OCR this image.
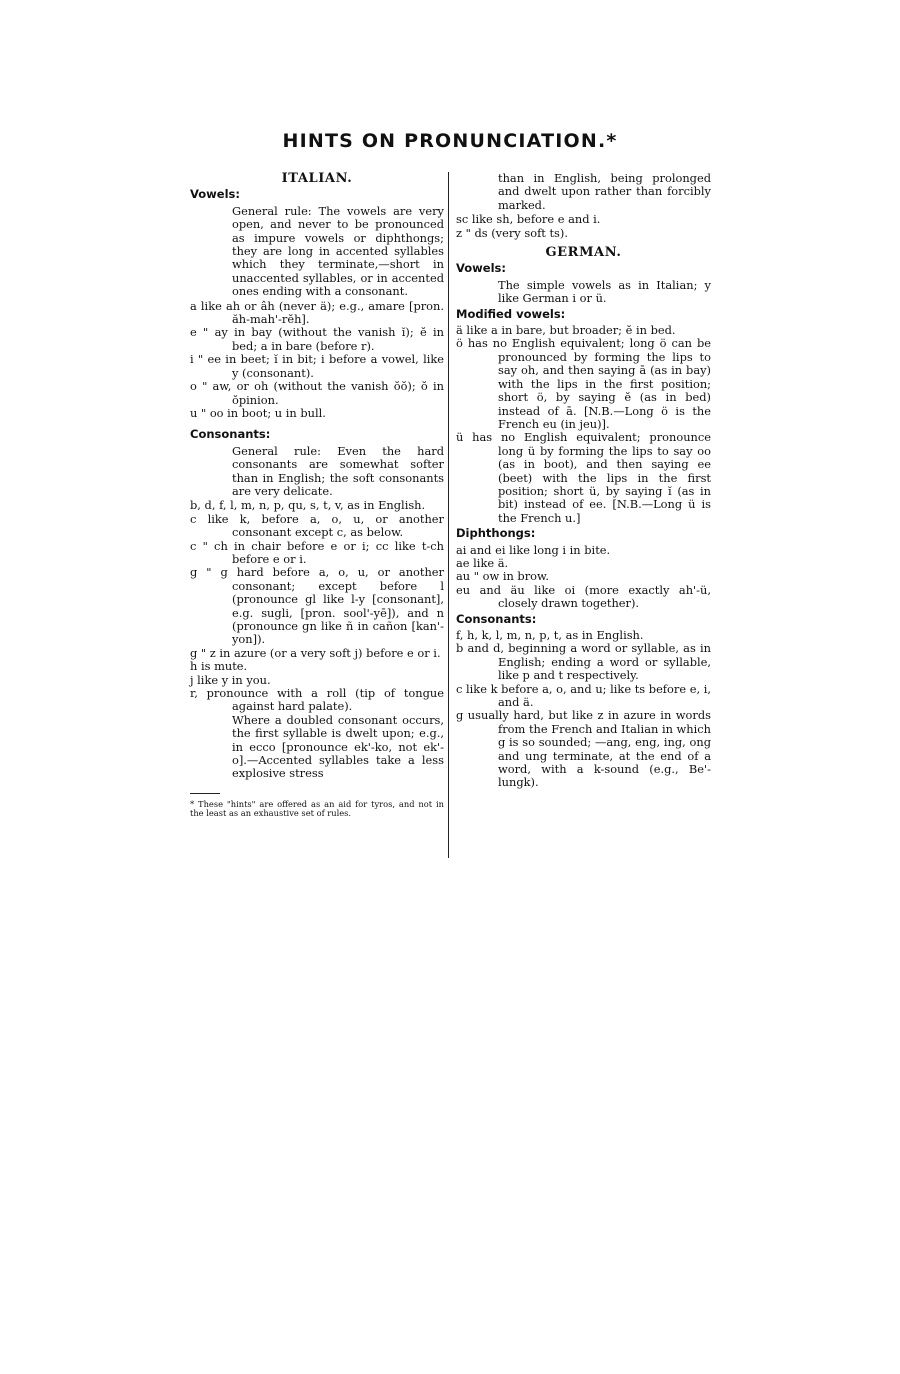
HINTS ON PRONUNCIATION.*
ITALIAN.
Vowels:
General rule: The vowels are very open, and never to be pronounced as impure vowels or diphthongs; they are long in accented syllables which they terminate,—short in unaccented syllables, or in accented ones ending with a consonant.
a like ah or âh (never ä); e.g., amare [pron. ăh-mah'-rĕh].
e " ay in bay (without the vanish ĭ); ĕ in bed; a in bare (before r).
i " ee in beet; ĭ in bit; i before a vowel, like y (consonant).
o " aw, or oh (without the vanish ŏŏ); ŏ in ŏpinion.
u " oo in boot; u in bull.
Consonants:
General rule: Even the hard consonants are somewhat softer than in English; the soft consonants are very delicate.
b, d, f, l, m, n, p, qu, s, t, v, as in English.
c like k, before a, o, u, or another consonant except c, as below.
c " ch in chair before e or i; cc like t-ch before e or i.
g " g hard before a, o, u, or another consonant; except before l (pronounce gl like l-y [consonant], e.g. sugli, [pron. sool'-yē]), and n (pronounce gn like ñ in cañon [kan'-yon]).
g " z in azure (or a very soft j) before e or i.
h is mute.
j like y in you.
r, pronounce with a roll (tip of tongue against hard palate).
Where a doubled consonant occurs, the first syllable is dwelt upon; e.g., in ecco [pronounce ek'-ko, not ek'-o].—Accented syllables take a less explosive stress
* These "hints" are offered as an aid for tyros, and not in the least as an exhaustive set of rules.
than in English, being prolonged and dwelt upon rather than forcibly marked.
sc like sh, before e and i.
z " ds (very soft ts).
GERMAN.
Vowels:
The simple vowels as in Italian; y like German i or ü.
Modified vowels:
ä like a in bare, but broader; ĕ in bed.
ö has no English equivalent; long ö can be pronounced by forming the lips to say oh, and then saying ā (as in bay) with the lips in the first position; short ö, by saying ĕ (as in bed) instead of ā. [N.B.—Long ö is the French eu (in jeu)].
ü has no English equivalent; pronounce long ü by forming the lips to say oo (as in boot), and then saying ee (beet) with the lips in the first position; short ü, by saying ĭ (as in bit) instead of ee. [N.B.—Long ü is the French u.]
Diphthongs:
ai and ei like long i in bite.
ae like ä.
au " ow in brow.
eu and äu like oi (more exactly ah'-ü, closely drawn together).
Consonants:
f, h, k, l, m, n, p, t, as in English.
b and d, beginning a word or syllable, as in English; ending a word or syllable, like p and t respectively.
c like k before a, o, and u; like ts before e, i, and ä.
g usually hard, but like z in azure in words from the French and Italian in which g is so sounded; —ang, eng, ing, ong and ung terminate, at the end of a word, with a k-sound (e.g., Be'-lungk).
